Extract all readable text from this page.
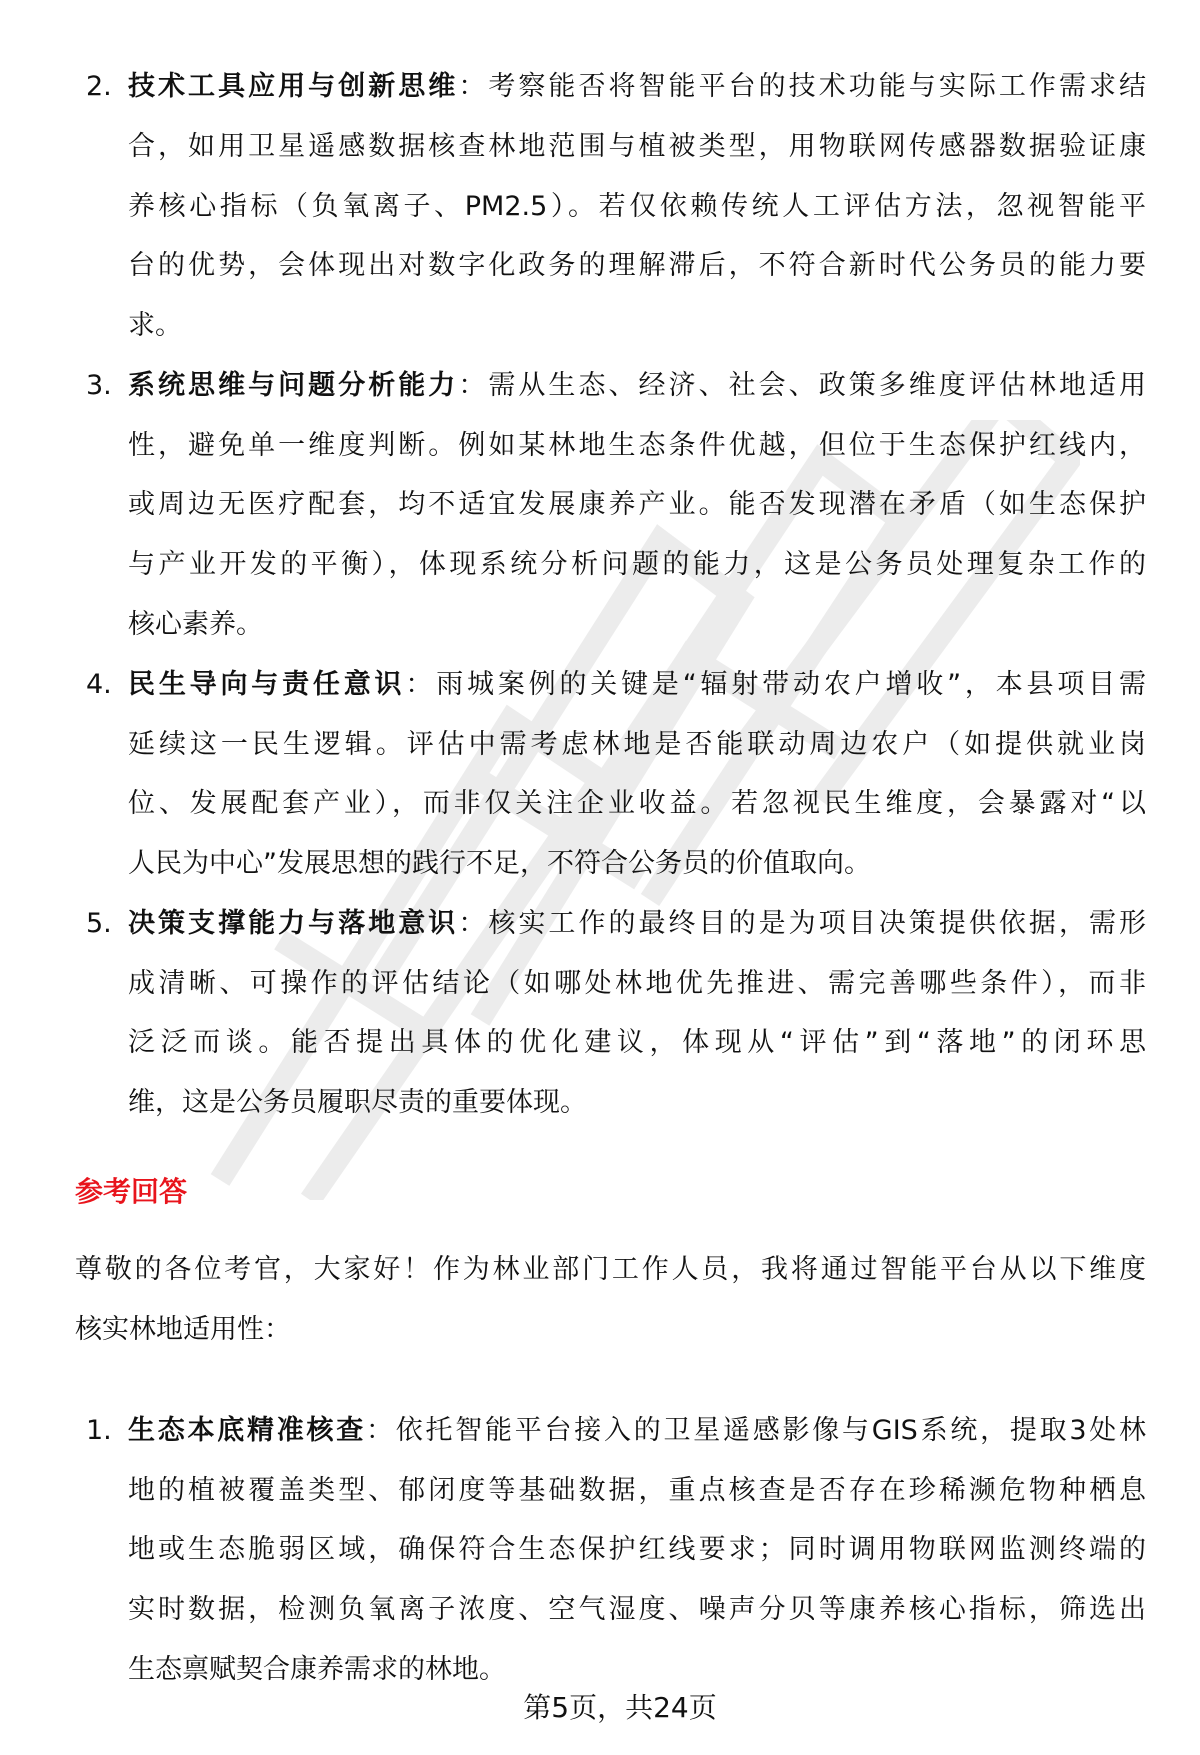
2. 技术工具应用与创新思维：考察能否将智能平台的技术功能与实际工作需求结
合，如用卫星遥感数据核查林地范围与植被类型，用物联网传感器数据验证康
养核心指标（负氧离子、PM2.5）。若仅依赖传统人工评估方法，忽视智能平
台的优势，会体现出对数字化政务的理解滞后，不符合新时代公务员的能力要
求。
3. 系统思维与问题分析能力：需从生态、经济、社会、政策多维度评估林地适用
性，避免单一维度判断。例如某林地生态条件优越，但位于生态保护红线内，
或周边无医疗配套，均不适宜发展康养产业。能否发现潜在矛盾（如生态保护
与产业开发的平衡），体现系统分析问题的能力，这是公务员处理复杂工作的
核心素养。
4. 民生导向与责任意识：雨城案例的关键是“辐射带动农户增收”，本县项目需
延续这一民生逻辑。评估中需考虑林地是否能联动周边农户（如提供就业岗
位、发展配套产业），而非仅关注企业收益。若忽视民生维度，会暴露对“以
人民为中心”发展思想的践行不足，不符合公务员的价值取向。
5. 决策支撑能力与落地意识：核实工作的最终目的是为项目决策提供依据，需形
成清晰、可操作的评估结论（如哪处林地优先推进、需完善哪些条件），而非
泛泛而谈。能否提出具体的优化建议，体现从“评估”到“落地”的闭环思
维，这是公务员履职尽责的重要体现。
参考回答
尊敬的各位考官，大家好！作为林业部门工作人员，我将通过智能平台从以下维度
核实林地适用性：
1. 生态本底精准核查：依托智能平台接入的卫星遥感影像与GIS系统，提取3处林
地的植被覆盖类型、郁闭度等基础数据，重点核查是否存在珍稀濒危物种栖息
地或生态脆弱区域，确保符合生态保护红线要求；同时调用物联网监测终端的
实时数据，检测负氧离子浓度、空气湿度、噪声分贝等康养核心指标，筛选出
生态禀赋契合康养需求的林地。
第5页，共24页
